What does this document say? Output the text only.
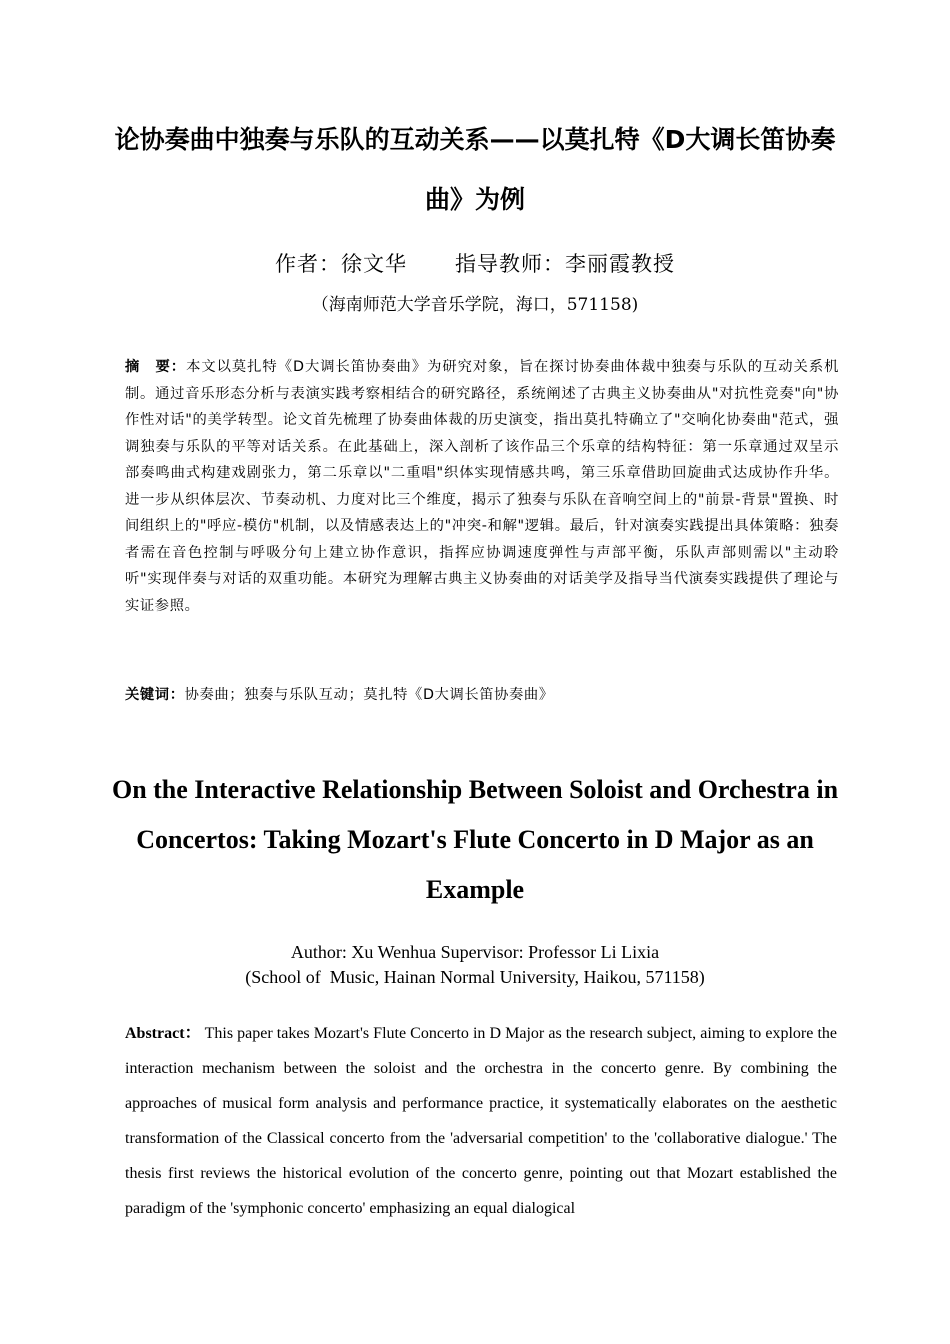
论协奏曲中独奏与乐队的互动关系——以莫扎特《D大调长笛协奏曲》为例
作者：徐文华 指导教师：李丽霞教授
（海南师范大学音乐学院，海口，571158)

摘　要：本文以莫扎特《D大调长笛协奏曲》为研究对象，旨在探讨协奏曲体裁中独奏与乐队的互动关系机制。通过音乐形态分析与表演实践考察相结合的研究路径，系统阐述了古典主义协奏曲从"对抗性竞奏"向"协作性对话"的美学转型。论文首先梳理了协奏曲体裁的历史演变，指出莫扎特确立了"交响化协奏曲"范式，强调独奏与乐队的平等对话关系。在此基础上，深入剖析了该作品三个乐章的结构特征：第一乐章通过双呈示部奏鸣曲式构建戏剧张力，第二乐章以"二重唱"织体实现情感共鸣，第三乐章借助回旋曲式达成协作升华。进一步从织体层次、节奏动机、力度对比三个维度，揭示了独奏与乐队在音响空间上的"前景-背景"置换、时间组织上的"呼应-模仿"机制，以及情感表达上的"冲突-和解"逻辑。最后，针对演奏实践提出具体策略：独奏者需在音色控制与呼吸分句上建立协作意识，指挥应协调速度弹性与声部平衡，乐队声部则需以"主动聆听"实现伴奏与对话的双重功能。本研究为理解古典主义协奏曲的对话美学及指导当代演奏实践提供了理论与实证参照。

关键词：协奏曲；独奏与乐队互动；莫扎特《D大调长笛协奏曲》

On the Interactive Relationship Between Soloist and Orchestra in Concertos: Taking Mozart's Flute Concerto in D Major as an Example
Author: Xu Wenhua Supervisor: Professor Li Lixia
(School of  Music, Hainan Normal University, Haikou, 571158)

Abstract： This paper takes Mozart's Flute Concerto in D Major as the research subject, aiming to explore the interaction mechanism between the soloist and the orchestra in the concerto genre. By combining the approaches of musical form analysis and performance practice, it systematically elaborates on the aesthetic transformation of the Classical concerto from the 'adversarial competition' to the 'collaborative dialogue.' The thesis first reviews the historical evolution of the concerto genre, pointing out that Mozart established the paradigm of the 'symphonic concerto' emphasizing an equal dialogical
